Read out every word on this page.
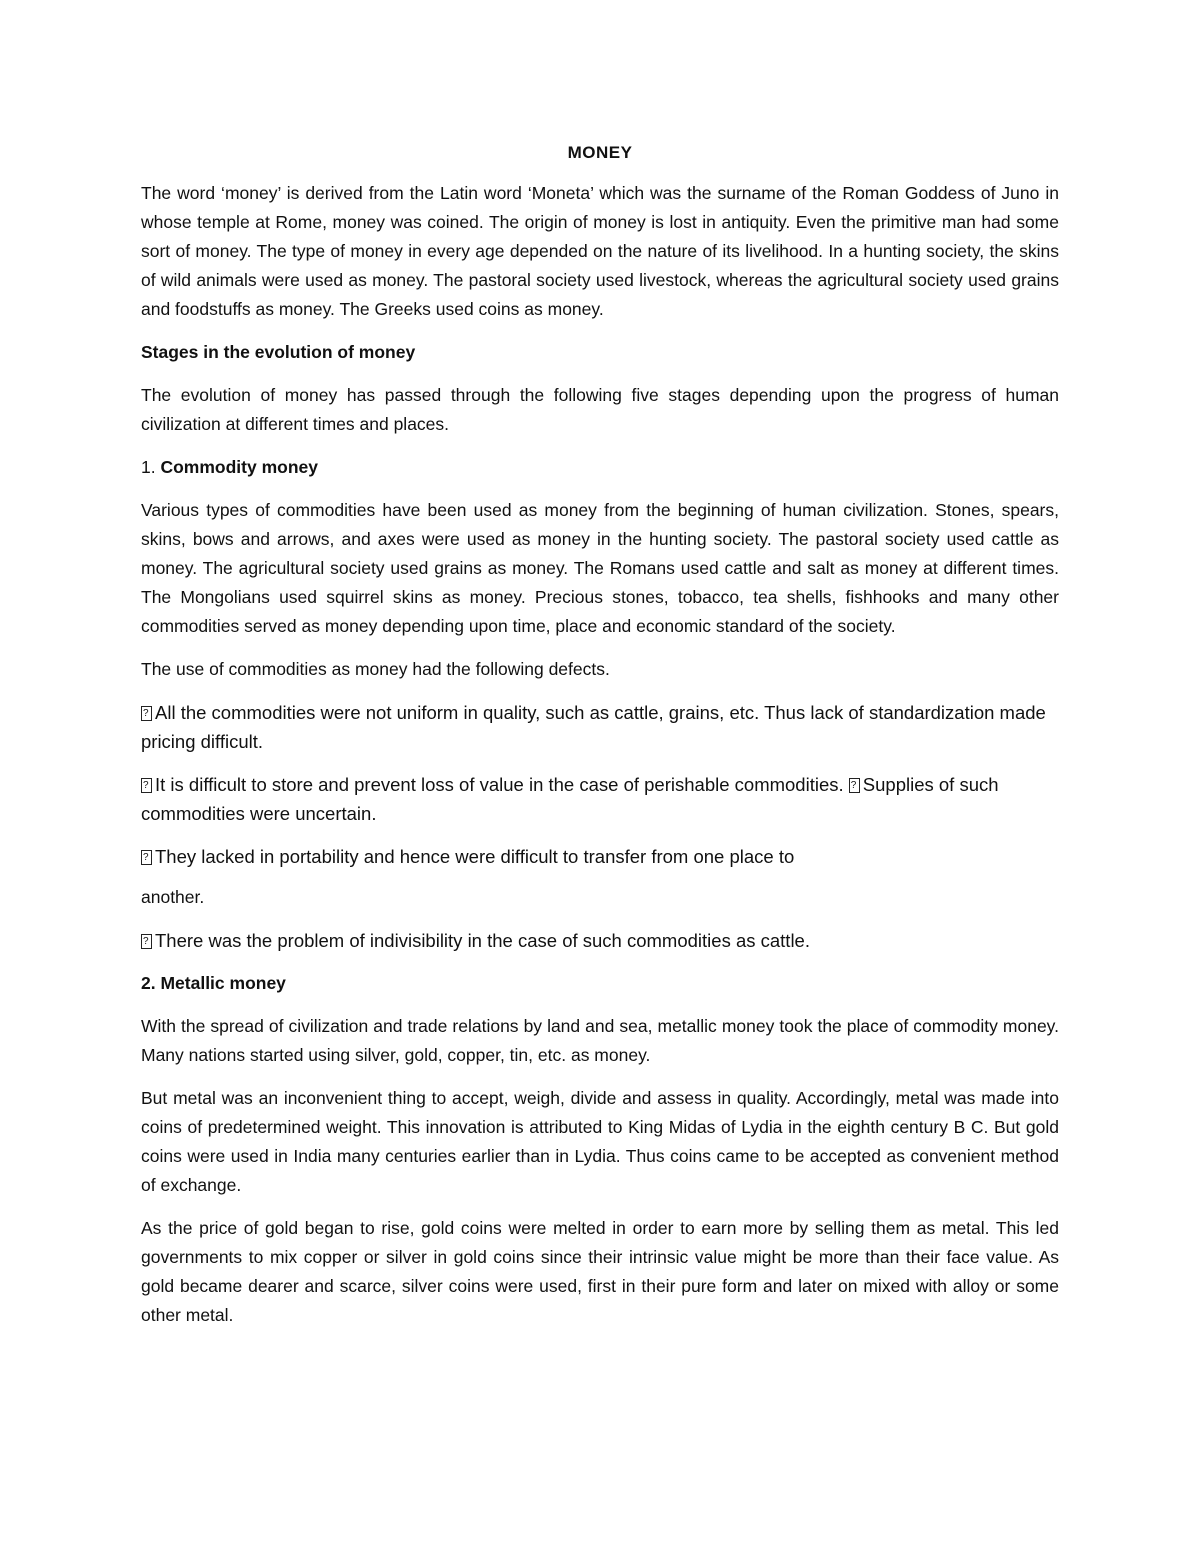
MONEY

The word ‘money’ is derived from the Latin word ‘Moneta’ which was the surname of the Roman Goddess of Juno in whose temple at Rome, money was coined. The origin of money is lost in antiquity. Even the primitive man had some sort of money. The type of money in every age depended on the nature of its livelihood. In a hunting society, the skins of wild animals were used as money. The pastoral society used livestock, whereas the agricultural society used grains and foodstuffs as money. The Greeks used coins as money.

Stages in the evolution of money

The evolution of money has passed through the following five stages depending upon the progress of human civilization at different times and places.

1. Commodity money

Various types of commodities have been used as money from the beginning of human civilization. Stones, spears, skins, bows and arrows, and axes were used as money in the hunting society. The pastoral society used cattle as money. The agricultural society used grains as money. The Romans used cattle and salt as money at different times. The Mongolians used squirrel skins as money. Precious stones, tobacco, tea shells, fishhooks and many other commodities served as money depending upon time, place and economic standard of the society.

The use of commodities as money had the following defects.

?All the commodities were not uniform in quality, such as cattle, grains, etc. Thus lack of standardization made pricing difficult.
?It is difficult to store and prevent loss of value in the case of perishable commodities. ? Supplies of such commodities were uncertain.
?They lacked in portability and hence were difficult to transfer from one place to
another.
?There was the problem of indivisibility in the case of such commodities as cattle.
2. Metallic money

With the spread of civilization and trade relations by land and sea, metallic money took the place of commodity money. Many nations started using silver, gold, copper, tin, etc. as money.

But metal was an inconvenient thing to accept, weigh, divide and assess in quality. Accordingly, metal was made into coins of predetermined weight. This innovation is attributed to King Midas of Lydia in the eighth century B C. But gold coins were used in India many centuries earlier than in Lydia. Thus coins came to be accepted as convenient method of exchange.

As the price of gold began to rise, gold coins were melted in order to earn more by selling them as metal. This led governments to mix copper or silver in gold coins since their intrinsic value might be more than their face value. As gold became dearer and scarce, silver coins were used, first in their pure form and later on mixed with alloy or some other metal.
